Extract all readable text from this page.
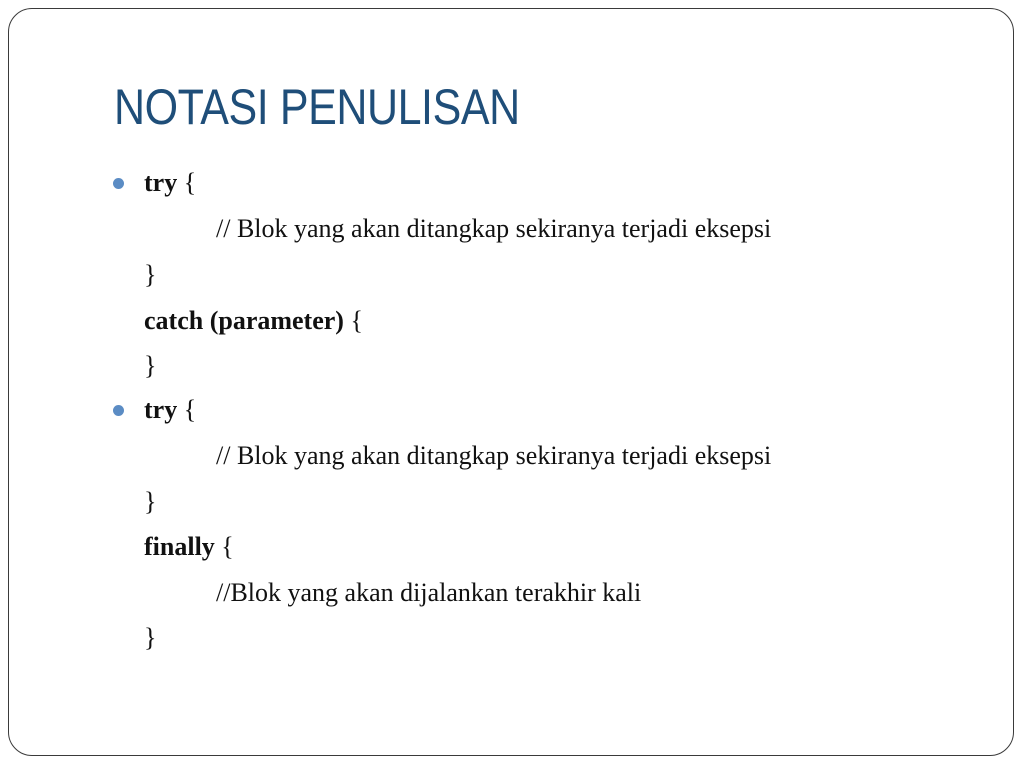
NOTASI PENULISAN
try {
// Blok yang akan ditangkap sekiranya terjadi eksepsi
}
catch (parameter) {
}
try {
// Blok yang akan ditangkap sekiranya terjadi eksepsi
}
finally {
//Blok yang akan dijalankan terakhir kali
}
